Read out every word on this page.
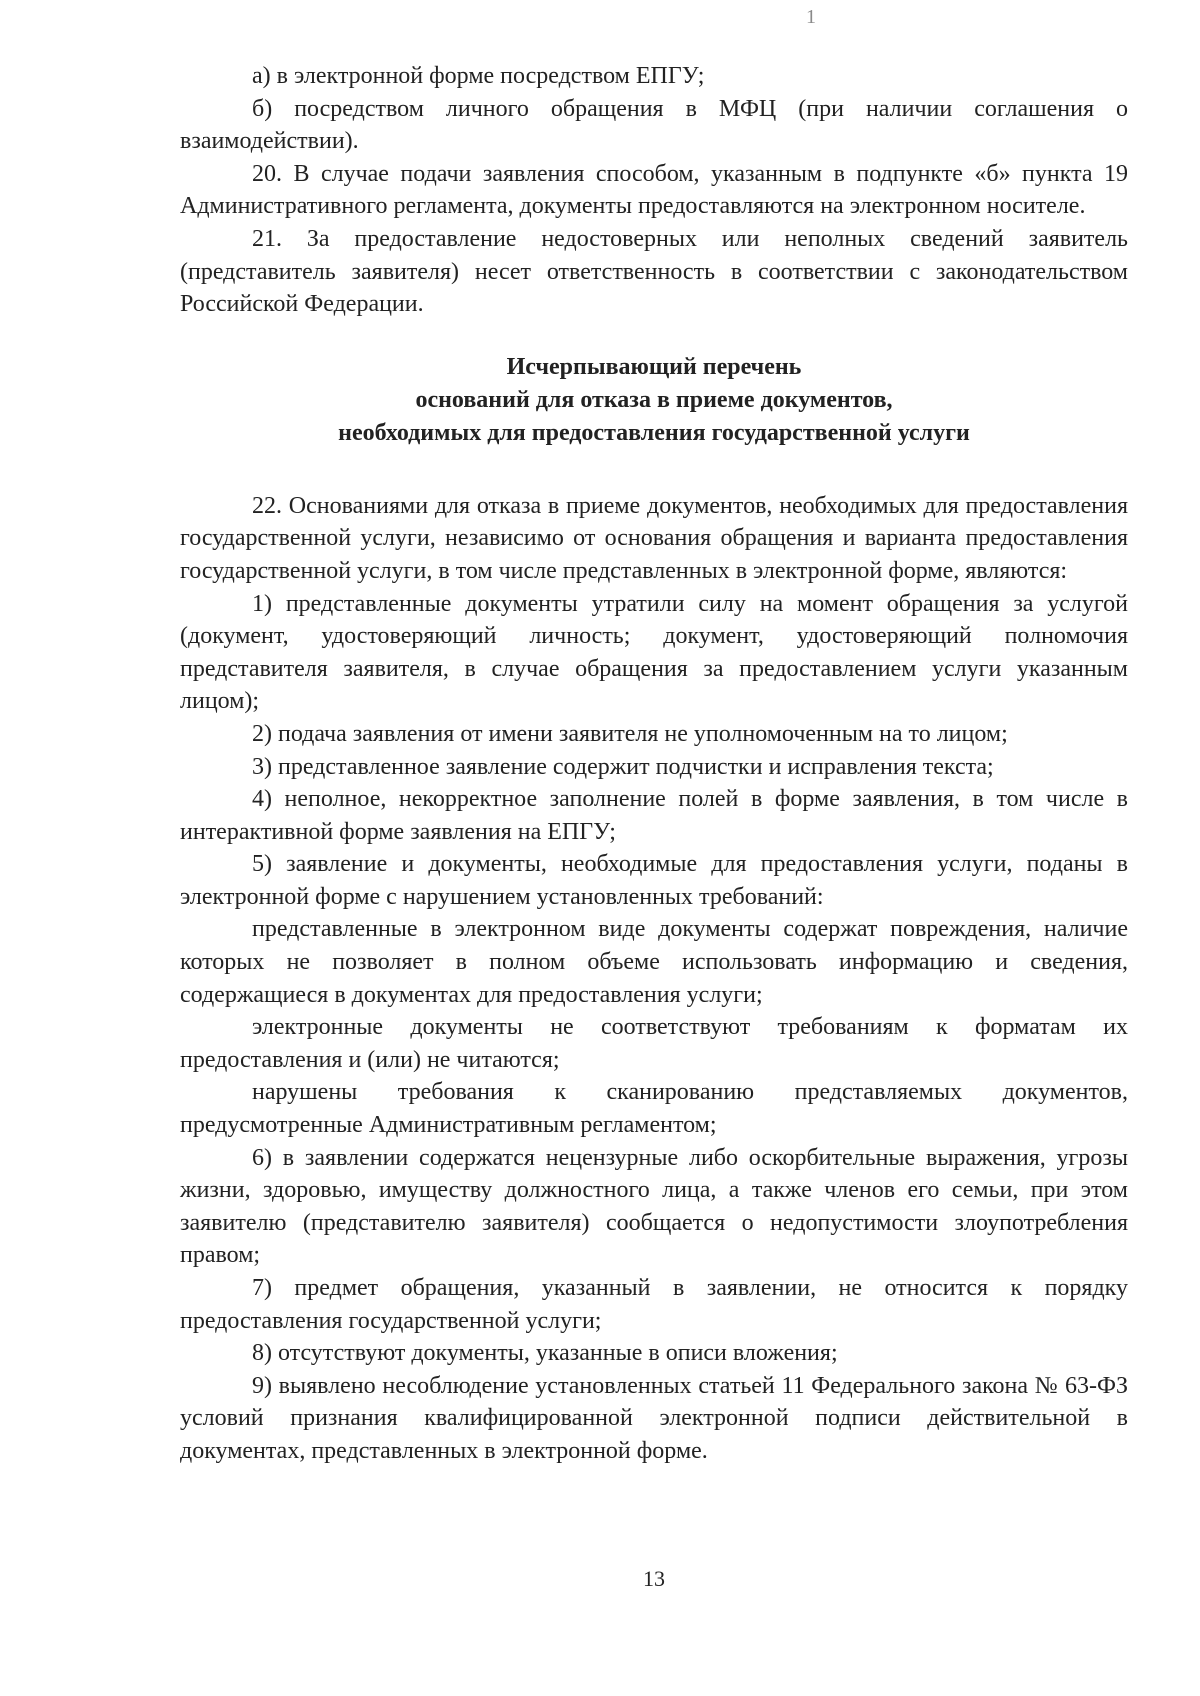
1

а) в электронной форме посредством ЕПГУ;

б) посредством личного обращения в МФЦ (при наличии соглашения о взаимодействии).

20. В случае подачи заявления способом, указанным в подпункте «б» пункта 19 Административного регламента, документы предоставляются на электронном носителе.

21. За предоставление недостоверных или неполных сведений заявитель (представитель заявителя) несет ответственность в соответствии с законодательством Российской Федерации.

Исчерпывающий перечень
оснований для отказа в приеме документов,
необходимых для предоставления государственной услуги

22. Основаниями для отказа в приеме документов, необходимых для предоставления государственной услуги, независимо от основания обращения и варианта предоставления государственной услуги, в том числе представленных в электронной форме, являются:

1) представленные документы утратили силу на момент обращения за услугой (документ, удостоверяющий личность; документ, удостоверяющий полномочия представителя заявителя, в случае обращения за предоставлением услуги указанным лицом);

2) подача заявления от имени заявителя не уполномоченным на то лицом;

3) представленное заявление содержит подчистки и исправления текста;

4) неполное, некорректное заполнение полей в форме заявления, в том числе в интерактивной форме заявления на ЕПГУ;

5) заявление и документы, необходимые для предоставления услуги, поданы в электронной форме с нарушением установленных требований:

представленные в электронном виде документы содержат повреждения, наличие которых не позволяет в полном объеме использовать информацию и сведения, содержащиеся в документах для предоставления услуги;

электронные документы не соответствуют требованиям к форматам их предоставления и (или) не читаются;

нарушены требования к сканированию представляемых документов, предусмотренные Административным регламентом;

6) в заявлении содержатся нецензурные либо оскорбительные выражения, угрозы жизни, здоровью, имуществу должностного лица, а также членов его семьи, при этом заявителю (представителю заявителя) сообщается о недопустимости злоупотребления правом;

7) предмет обращения, указанный в заявлении, не относится к порядку предоставления государственной услуги;

8) отсутствуют документы, указанные в описи вложения;

9) выявлено несоблюдение установленных статьей 11 Федерального закона № 63-ФЗ условий признания квалифицированной электронной подписи действительной в документах, представленных в электронной форме.

13
